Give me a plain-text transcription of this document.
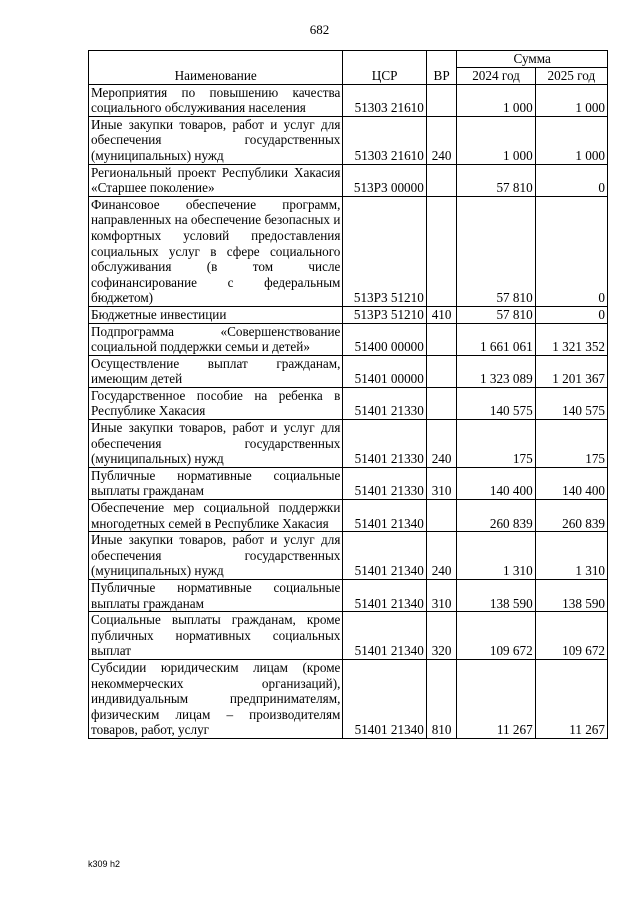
682
Наименование	ЦСР	ВР	Сумма	
			2024 год	2025 год
Мероприятия по повышению качества социального обслуживания населения	51303 21610		1 000	1 000
Иные закупки товаров, работ и услуг для обеспечения государственных (муниципальных) нужд	51303 21610	240	1 000	1 000
Региональный проект Республики Хакасия «Старшее поколение»	513Р3 00000		57 810	0
Финансовое обеспечение программ, направленных на обеспечение безопасных и комфортных условий предоставления социальных услуг в сфере социального обслуживания (в том числе софинансирование с федеральным бюджетом)	513Р3 51210		57 810	0
Бюджетные инвестиции	513Р3 51210	410	57 810	0
Подпрограмма «Совершенствование социальной поддержки семьи и детей»	51400 00000		1 661 061	1 321 352
Осуществление выплат гражданам, имеющим детей	51401 00000		1 323 089	1 201 367
Государственное пособие на ребенка в Республике Хакасия	51401 21330		140 575	140 575
Иные закупки товаров, работ и услуг для обеспечения государственных (муниципальных) нужд	51401 21330	240	175	175
Публичные нормативные социальные выплаты гражданам	51401 21330	310	140 400	140 400
Обеспечение мер социальной поддержки многодетных семей в Республике Хакасия	51401 21340		260 839	260 839
Иные закупки товаров, работ и услуг для обеспечения государственных (муниципальных) нужд	51401 21340	240	1 310	1 310
Публичные нормативные социальные выплаты гражданам	51401 21340	310	138 590	138 590
Социальные выплаты гражданам, кроме публичных нормативных социальных выплат	51401 21340	320	109 672	109 672
Субсидии юридическим лицам (кроме некоммерческих организаций), индивидуальным предпринимателям, физическим лицам – производителям товаров, работ, услуг	51401 21340	810	11 267	11 267
k309 h2
